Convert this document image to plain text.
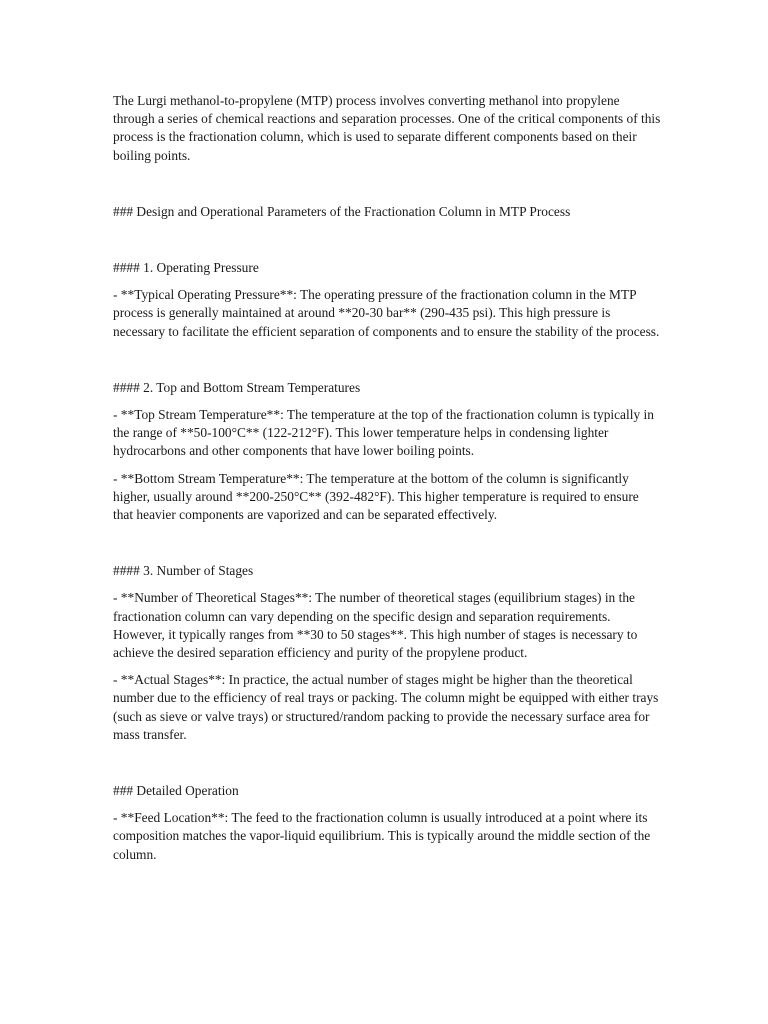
The Lurgi methanol-to-propylene (MTP) process involves converting methanol into propylene through a series of chemical reactions and separation processes. One of the critical components of this process is the fractionation column, which is used to separate different components based on their boiling points.

### Design and Operational Parameters of the Fractionation Column in MTP Process

#### 1. Operating Pressure

- **Typical Operating Pressure**: The operating pressure of the fractionation column in the MTP process is generally maintained at around **20-30 bar** (290-435 psi). This high pressure is necessary to facilitate the efficient separation of components and to ensure the stability of the process.

#### 2. Top and Bottom Stream Temperatures

- **Top Stream Temperature**: The temperature at the top of the fractionation column is typically in the range of **50-100°C** (122-212°F). This lower temperature helps in condensing lighter hydrocarbons and other components that have lower boiling points.

- **Bottom Stream Temperature**: The temperature at the bottom of the column is significantly higher, usually around **200-250°C** (392-482°F). This higher temperature is required to ensure that heavier components are vaporized and can be separated effectively.

#### 3. Number of Stages

- **Number of Theoretical Stages**: The number of theoretical stages (equilibrium stages) in the fractionation column can vary depending on the specific design and separation requirements. However, it typically ranges from **30 to 50 stages**. This high number of stages is necessary to achieve the desired separation efficiency and purity of the propylene product.

- **Actual Stages**: In practice, the actual number of stages might be higher than the theoretical number due to the efficiency of real trays or packing. The column might be equipped with either trays (such as sieve or valve trays) or structured/random packing to provide the necessary surface area for mass transfer.

### Detailed Operation

- **Feed Location**: The feed to the fractionation column is usually introduced at a point where its composition matches the vapor-liquid equilibrium. This is typically around the middle section of the column.
